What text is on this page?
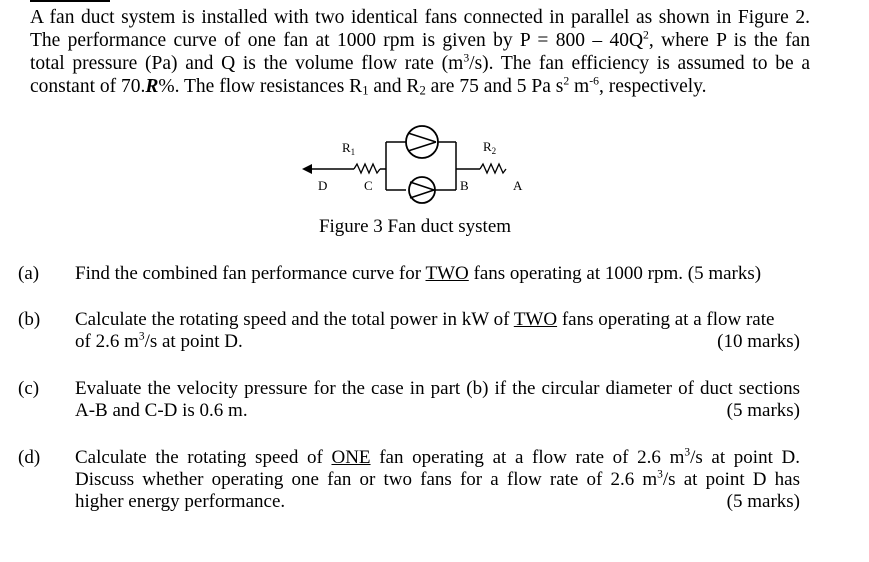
A fan duct system is installed with two identical fans connected in parallel as shown in Figure 2.
The performance curve of one fan at 1000 rpm is given by $P = 800 - 40Q^2$, where P is the fan
total pressure (Pa) and Q is the volume flow rate $(m^3/s)$. The fan efficiency is assumed to be a
constant of 70.R%. The flow resistances $R_1$ and $R_2$ are 75 and 5 Pa $s^2$ $m^{-6}$, respectively.
$R_1$	$R_2$
D	C	B	A
Figure 3 Fan duct system
(a) Find the combined fan performance curve for TWO fans operating at 1000 rpm. (5 marks)
(b) Calculate the rotating speed and the total power in kW of TWO fans operating at a flow rate
of 2.6 $m^3/s$ at point D.	(10 marks)
(c) Evaluate the velocity pressure for the case in part (b) if the circular diameter of duct sections
A-B and C-D is 0.6 m.	(5 marks)
(d) Calculate the rotating speed of ONE fan operating at a flow rate of 2.6 $m^3/s$ at point D.
Discuss whether operating one fan or two fans for a flow rate of 2.6 $m^3/s$ at point D has
higher energy performance.	(5 marks)
